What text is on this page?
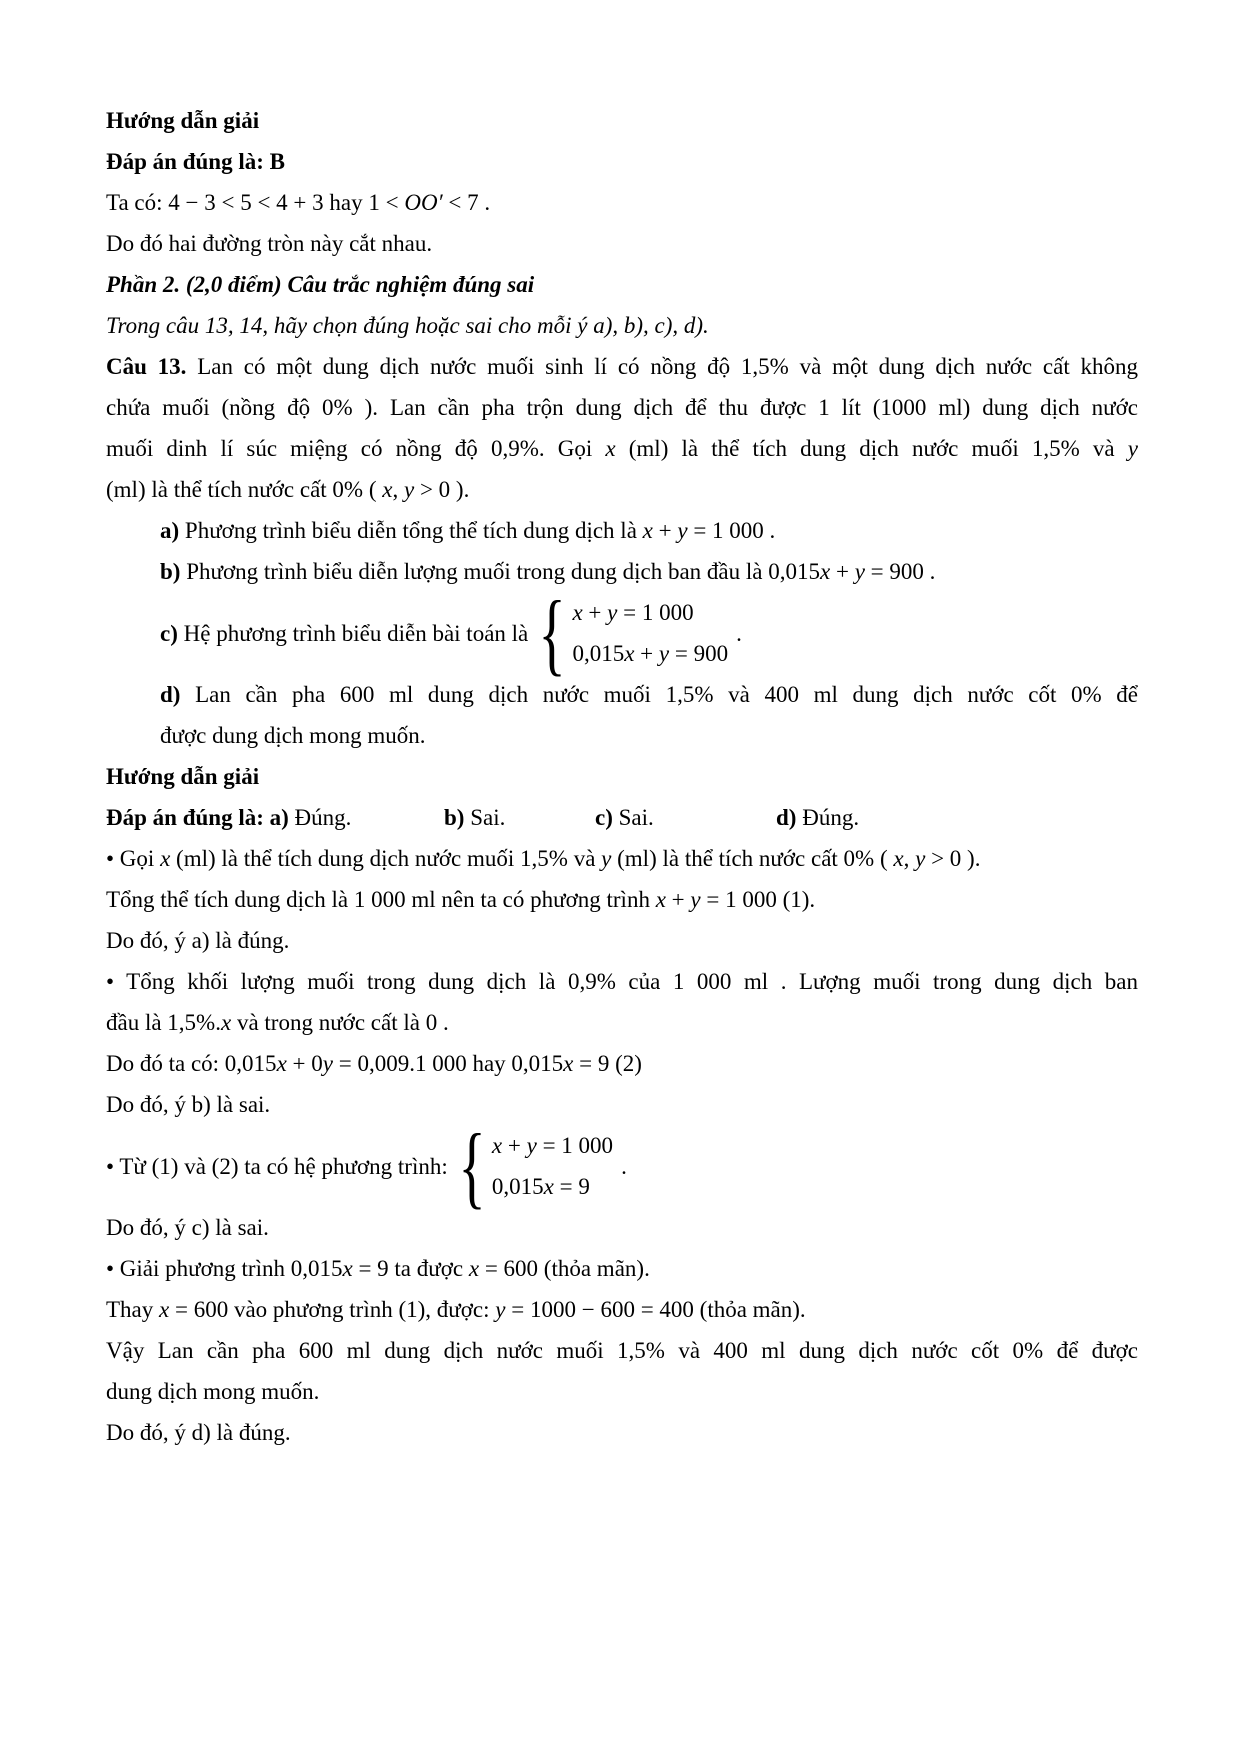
Hướng dẫn giải
Đáp án đúng là: B
Ta có: 4 − 3 < 5 < 4 + 3 hay 1 < OO′ < 7 .
Do đó hai đường tròn này cắt nhau.
Phần 2. (2,0 điểm) Câu trắc nghiệm đúng sai
Trong câu 13, 14, hãy chọn đúng hoặc sai cho mỗi ý a), b), c), d).
Câu 13. Lan có một dung dịch nước muối sinh lí có nồng độ 1,5% và một dung dịch nước cất không
chứa muối (nồng độ 0% ). Lan cần pha trộn dung dịch để thu được 1 lít (1000 ml) dung dịch nước
muối dinh lí súc miệng có nồng độ 0,9%. Gọi x (ml) là thể tích dung dịch nước muối 1,5% và y
(ml) là thể tích nước cất 0% ( x, y > 0 ).
a) Phương trình biểu diễn tổng thể tích dung dịch là x + y = 1 000 .
b) Phương trình biểu diễn lượng muối trong dung dịch ban đầu là 0,015x + y = 900 .
c) Hệ phương trình biểu diễn bài toán là { x + y = 1 000
0,015x + y = 900
.
d) Lan cần pha 600 ml dung dịch nước muối 1,5% và 400 ml dung dịch nước cốt 0% để
được dung dịch mong muốn.
Hướng dẫn giải
Đáp án đúng là: a) Đúng.	b) Sai.	c) Sai.	d) Đúng.
• Gọi x (ml) là thể tích dung dịch nước muối 1,5% và y (ml) là thể tích nước cất 0% ( x, y > 0 ).
Tổng thể tích dung dịch là 1 000 ml nên ta có phương trình x + y = 1 000 (1).
Do đó, ý a) là đúng.
• Tổng khối lượng muối trong dung dịch là 0,9% của 1 000 ml . Lượng muối trong dung dịch ban
đầu là 1,5%.x và trong nước cất là 0 .
Do đó ta có: 0,015x + 0y = 0,009.1 000 hay 0,015x = 9 (2)
Do đó, ý b) là sai.
• Từ (1) và (2) ta có hệ phương trình: { x + y = 1 000
0,015x = 9
.
Do đó, ý c) là sai.
• Giải phương trình 0,015x = 9 ta được x = 600 (thỏa mãn).
Thay x = 600 vào phương trình (1), được: y = 1000 − 600 = 400 (thỏa mãn).
Vậy Lan cần pha 600 ml dung dịch nước muối 1,5% và 400 ml dung dịch nước cốt 0% để được
dung dịch mong muốn.
Do đó, ý d) là đúng.
